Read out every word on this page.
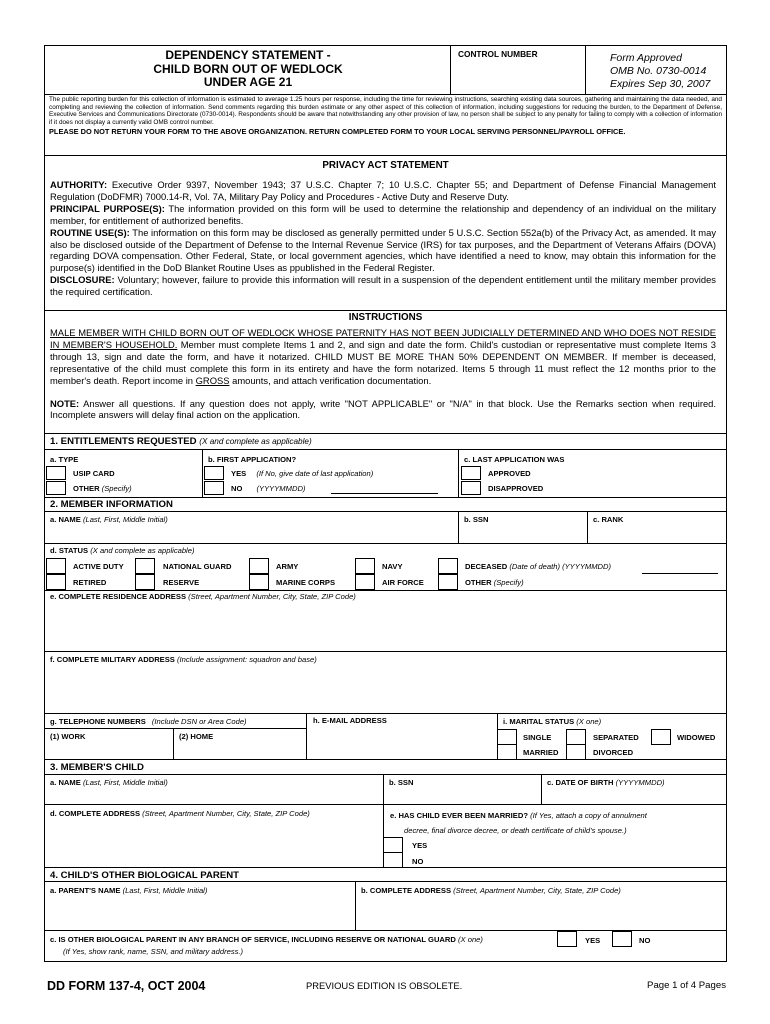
DEPENDENCY STATEMENT -
CHILD BORN OUT OF WEDLOCK
UNDER AGE 21
CONTROL NUMBER	Form Approved
OMB No. 0730-0014
Expires Sep 30, 2007
The public reporting burden for this collection of information is estimated to average 1.25 hours per response, including the time for reviewing instructions, searching existing data sources, gathering and maintaining the data needed, and completing and reviewing the collection of information. Send comments regarding this burden estimate or any other aspect of this collection of information, including suggestions for reducing the burden, to the Department of Defense, Executive Services and Communications Directorate (0730-0014). Respondents should be aware that notwithstanding any other provision of law, no person shall be subject to any penalty for failing to comply with a collection of information if it does not display a currently valid OMB control number.
PLEASE DO NOT RETURN YOUR FORM TO THE ABOVE ORGANIZATION. RETURN COMPLETED FORM TO YOUR LOCAL SERVING PERSONNEL/PAYROLL OFFICE.
PRIVACY ACT STATEMENT
AUTHORITY: Executive Order 9397, November 1943; 37 U.S.C. Chapter 7; 10 U.S.C. Chapter 55; and Department of Defense Financial Management Regulation (DoDFMR) 7000.14-R, Vol. 7A, Military Pay Policy and Procedures - Active Duty and Reserve Duty.
PRINCIPAL PURPOSE(S): The information provided on this form will be used to determine the relationship and dependency of an individual on the military member, for entitlement of authorized benefits.
ROUTINE USE(S): The information on this form may be disclosed as generally permitted under 5 U.S.C. Section 552a(b) of the Privacy Act, as amended. It may also be disclosed outside of the Department of Defense to the Internal Revenue Service (IRS) for tax purposes, and the Department of Veterans Affairs (DOVA) regarding DOVA compensation. Other Federal, State, or local government agencies, which have identified a need to know, may obtain this information for the purpose(s) identified in the DoD Blanket Routine Uses as ppublished in the Federal Register.
DISCLOSURE: Voluntary; however, failure to provide this information will result in a suspension of the dependent entitlement until the military member provides the required certification.
INSTRUCTIONS
MALE MEMBER WITH CHILD BORN OUT OF WEDLOCK WHOSE PATERNITY HAS NOT BEEN JUDICIALLY DETERMINED AND WHO DOES NOT RESIDE IN MEMBER'S HOUSEHOLD. Member must complete Items 1 and 2, and sign and date the form. Child's custodian or representative must complete Items 3 through 13, sign and date the form, and have it notarized. CHILD MUST BE MORE THAN 50% DEPENDENT ON MEMBER. If member is deceased, representative of the child must complete this form in its entirety and have the form notarized. Items 5 through 11 must reflect the 12 months prior to the member's death. Report income in GROSS amounts, and attach verification documentation.
NOTE: Answer all questions. If any question does not apply, write "NOT APPLICABLE" or "N/A" in that block. Use the Remarks section when required. Incomplete answers will delay final action on the application.
1. ENTITLEMENTS REQUESTED (X and complete as applicable)
a. TYPE
USIP CARD
OTHER (Specify)
b. FIRST APPLICATION?
YES (If No, give date of last application)
NO (YYYYMMDD)
c. LAST APPLICATION WAS
APPROVED
DISAPPROVED
2. MEMBER INFORMATION
a. NAME (Last, First, Middle Initial)	b. SSN	c. RANK
d. STATUS (X and complete as applicable)
ACTIVE DUTY
RETIRED
NATIONAL GUARD
RESERVE
ARMY
MARINE CORPS
NAVY
AIR FORCE
DECEASED (Date of death) (YYYYMMDD)
OTHER (Specify)
e. COMPLETE RESIDENCE ADDRESS (Street, Apartment Number, City, State, ZIP Code)
f. COMPLETE MILITARY ADDRESS (Include assignment: squadron and base)
g. TELEPHONE NUMBERS (Include DSN or Area Code)
(1) WORK	(2) HOME
h. E-MAIL ADDRESS	i. MARITAL STATUS (X one)
SINGLE
MARRIED
SEPARATED
DIVORCED
WIDOWED
3. MEMBER'S CHILD
a. NAME (Last, First, Middle Initial)	b. SSN	c. DATE OF BIRTH (YYYYMMDD)
d. COMPLETE ADDRESS (Street, Apartment Number, City, State, ZIP Code)	e. HAS CHILD EVER BEEN MARRIED? (If Yes, attach a copy of annulment
decree, final divorce decree, or death certificate of child's spouse.)
YES
NO
4. CHILD'S OTHER BIOLOGICAL PARENT
a. PARENT'S NAME (Last, First, Middle Initial)	b. COMPLETE ADDRESS (Street, Apartment Number, City, State, ZIP Code)
c. IS OTHER BIOLOGICAL PARENT IN ANY BRANCH OF SERVICE, INCLUDING RESERVE OR NATIONAL GUARD (X one)
(If Yes, show rank, name, SSN, and military address.)
YES	NO
DD FORM 137-4, OCT 2004	PREVIOUS EDITION IS OBSOLETE.	Page 1 of 4 Pages
